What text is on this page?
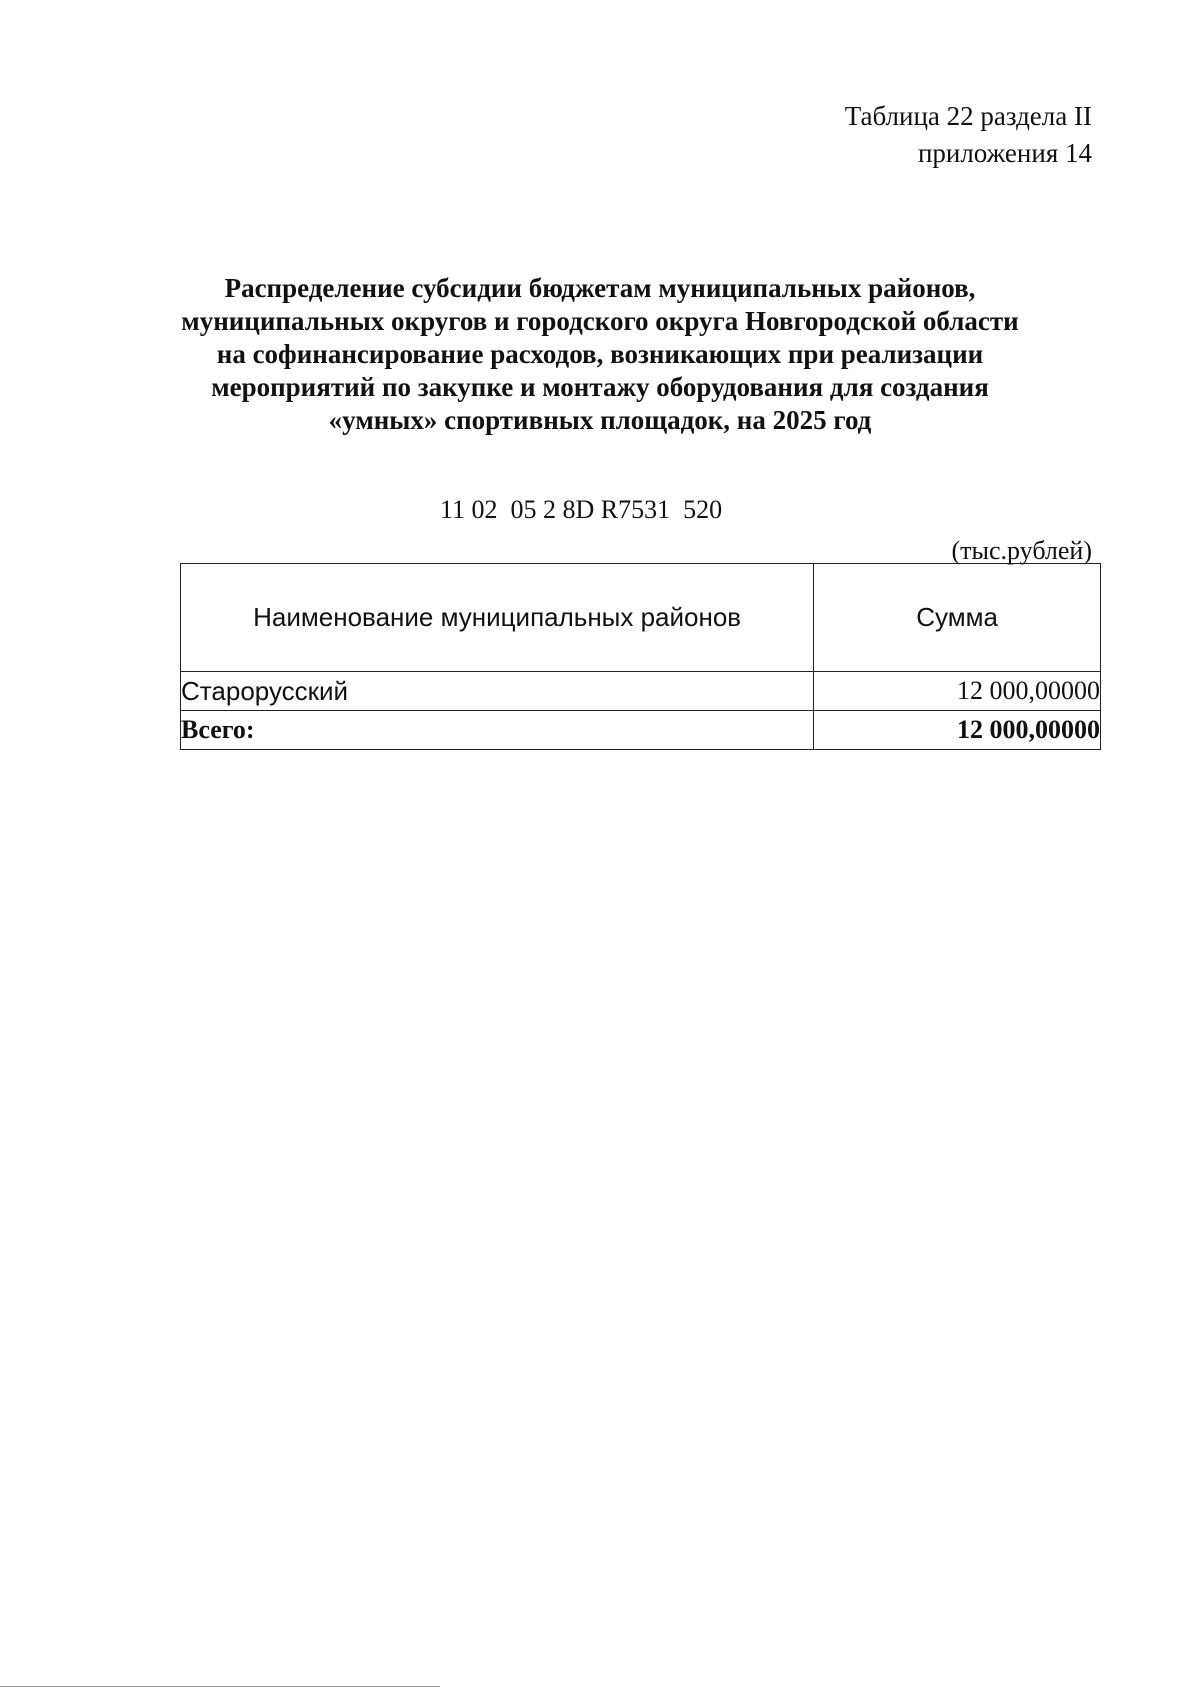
Таблица 22 раздела II
приложения 14
Распределение субсидии бюджетам муниципальных районов,
муниципальных округов и городского округа Новгородской области
на софинансирование расходов, возникающих при реализации
мероприятий по закупке и монтажу оборудования для создания
«умных» спортивных площадок, на 2025 год
11 02  05 2 8D R7531  520
(тыс.рублей)
Наименование муниципальных районов	Сумма
Старорусский	12 000,00000
Всего:	12 000,00000
